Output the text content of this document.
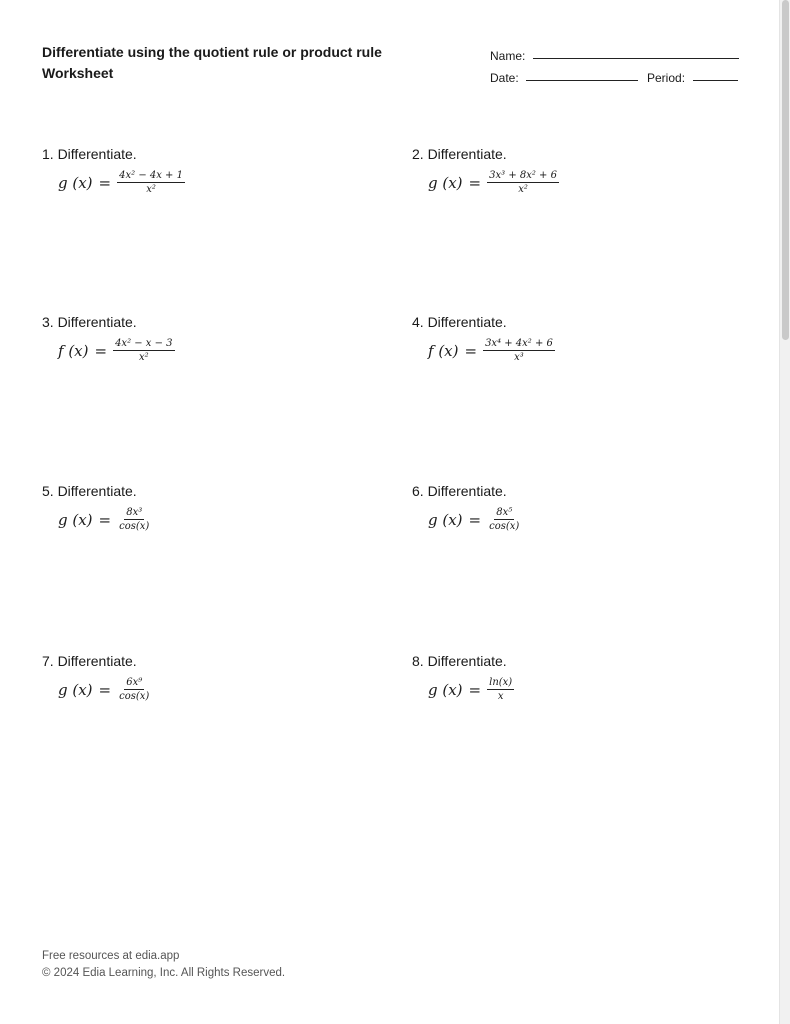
Differentiate using the quotient rule or product rule
Worksheet
Name:
Date:	Period:
1. Differentiate.
g $(x) = \frac{\text{4x² − 4x + 1}}{\text{x²}}$
2. Differentiate.
g $(x) = \frac{\text{3x³ + 8x² + 6}}{\text{x²}}$
3. Differentiate.
f $(x) = \frac{\text{4x² − x − 3}}{\text{x²}}$
4. Differentiate.
f $(x) = \frac{\text{3x⁴ + 4x² + 6}}{\text{x³}}$
5. Differentiate.
g $(x) = \frac{\text{8x³}}{\cos(x)}$
6. Differentiate.
g $(x) = \frac{\text{8x⁵}}{\cos(x)}$
7. Differentiate.
g $(x) = \frac{\text{6x⁹}}{\cos(x)}$
8. Differentiate.
g $(x) = \frac{\ln(x)}{x}$
Free resources at edia.app
© 2024 Edia Learning, Inc. All Rights Reserved.
